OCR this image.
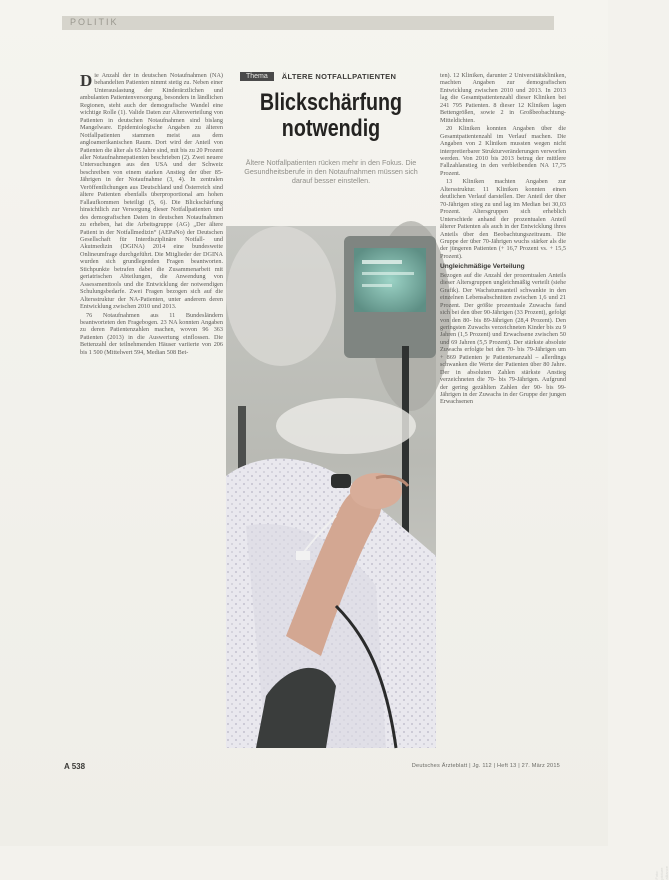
POLITIK
D ie Anzahl der in deutschen Notaufnahmen (NA) behandelten Patienten nimmt stetig zu. Neben einer Unterauslastung der Kinderärztlichen und ambulanten Patientenversorgung, besonders in ländlichen Regionen, steht auch der demografische Wandel eine wichtige Rolle (1). Valide Daten zur Altersverteilung von Patienten in deutschen Notaufnahmen sind bislang Mangelware. Epidemiologische Angaben zu älteren Notfallpatienten stammen meist aus dem angloamerikanischen Raum. Dort wird der Anteil von Patienten die älter als 65 Jahre sind, mit bis zu 20 Prozent aller Notaufnahmepatienten beschrieben (2). Zwei neuere Untersuchungen aus den USA und der Schweiz beschreiben von einem starken Anstieg der über 85-Jährigen in der Notaufnahme (3, 4). In zentralen Veröffentlichungen aus Deutschland und Österreich sind ältere Patienten ebenfalls überproportional am hohen Fallaufkommen beteiligt (5, 6). Die Blickschärfung hinsichtlich zur Versorgung dieser Notfallpatienten und des demografischen Daten in deutschen Notaufnahmen zu erheben, hat die Arbeitsgruppe (AG) „Der ältere Patient in der Notfallmedizin“ (AEPaNo) der Deutschen Gesellschaft für Interdisziplinäre Notfall- und Akutmedizin (DGINA) 2014 eine bundesweite Onlineumfrage durchgeführt. Die Mitglieder der DGINA wurden sich grundlegenden Fragen beantworten. Stichpunkte betrafen dabei die Zusammenarbeit mit geriatrischen Abteilungen, die Anwendung von Assessmenttools und die Entwicklung der notwendigen Schulungsbedarfe. Zwei Fragen bezogen sich auf die Altersstruktur der NA-Patienten, unter anderem deren Entwicklung zwischen 2010 und 2013.

76 Notaufnahmen aus 11 Bundesländern beantworteten den Fragebogen. 23 NA konnten Angaben zu deren Patientenzahlen machen, wovon 96 363 Patienten (2013) in die Auswertung einflossen. Die Bettenzahl der teilnehmenden Häuser variierte von 206 bis 1 500 (Mittelwert 594, Median 508 Bet-

Thema	ÄLTERE NOTFALLPATIENTEN
Blickschärfung
notwendig
Ältere Notfallpatienten rücken mehr in den Fokus. Die Gesundheitsberufe in den Notaufnahmen müssen sich darauf besser einstellen.
Foto: picture alliance

ten). 12 Kliniken, darunter 2 Universitätskliniken, machten Angaben zur demografischen Entwicklung zwischen 2010 und 2013. In 2013 lag die Gesamtpatientenzahl dieser Kliniken bei 241 795 Patienten. 8 dieser 12 Kliniken lagen Bettengrößen, sowie 2 in Großbeobachtung-Mitteldichten.

20 Kliniken konnten Angaben über die Gesamtpatientenzahl im Verlauf machen. Die Angaben von 2 Kliniken mussten wegen nicht interpretierbarer Strukturveränderungen verworfen werden. Von 2010 bis 2013 betrug der mittlere Fallzahlanstieg in den verbleibenden NA 17,75 Prozent.

13 Kliniken machten Angaben zur Altersstruktur. 11 Kliniken konnten einen deutlichen Verlauf darstellen. Der Anteil der über 70-Jährigen stieg zu und lag im Median bei 30,03 Prozent. Altersgruppen sich erheblich Unterschiede anhand der prozentualen Anteil älterer Patienten als auch in der Entwicklung ihres Anteils über den Beobachtungszeitraum. Die Gruppe der über 70-Jährigen wuchs stärker als die der jüngeren Patienten (+ 16,7 Prozent vs. + 15,5 Prozent).

Ungleichmäßige Verteilung

Bezogen auf die Anzahl der prozentualen Anteils dieser Altersgruppen ungleichmäßig verteilt (siehe Grafik). Der Wachstumsanteil schwankte in den einzelnen Lebensabschnitten zwischen 1,6 und 21 Prozent. Der größte prozentuale Zuwachs fand sich bei den über 90-Jährigen (33 Prozent), gefolgt von den 80- bis 89-Jährigen (28,4 Prozent). Den geringsten Zuwachs verzeichneten Kinder bis zu 9 Jahren (1,5 Prozent) und Erwachsene zwischen 50 und 69 Jahren (5,5 Prozent). Der stärkste absolute Zuwachs erfolgte bei den 70- bis 79-Jährigen um + 869 Patienten je Patientenanzahl – allerdings schwanken die Werte der Patienten über 80 Jahre. Der in absoluten Zahlen stärkste Anstieg verzeichneten die 70- bis 79-Jährigen. Aufgrund der gering gezählten Zahlen der 90- bis 99-Jährigen in der Zuwachs in der Gruppe der jungen Erwachsenen

A 538	Deutsches Ärzteblatt | Jg. 112 | Heft 13 | 27. März 2015
